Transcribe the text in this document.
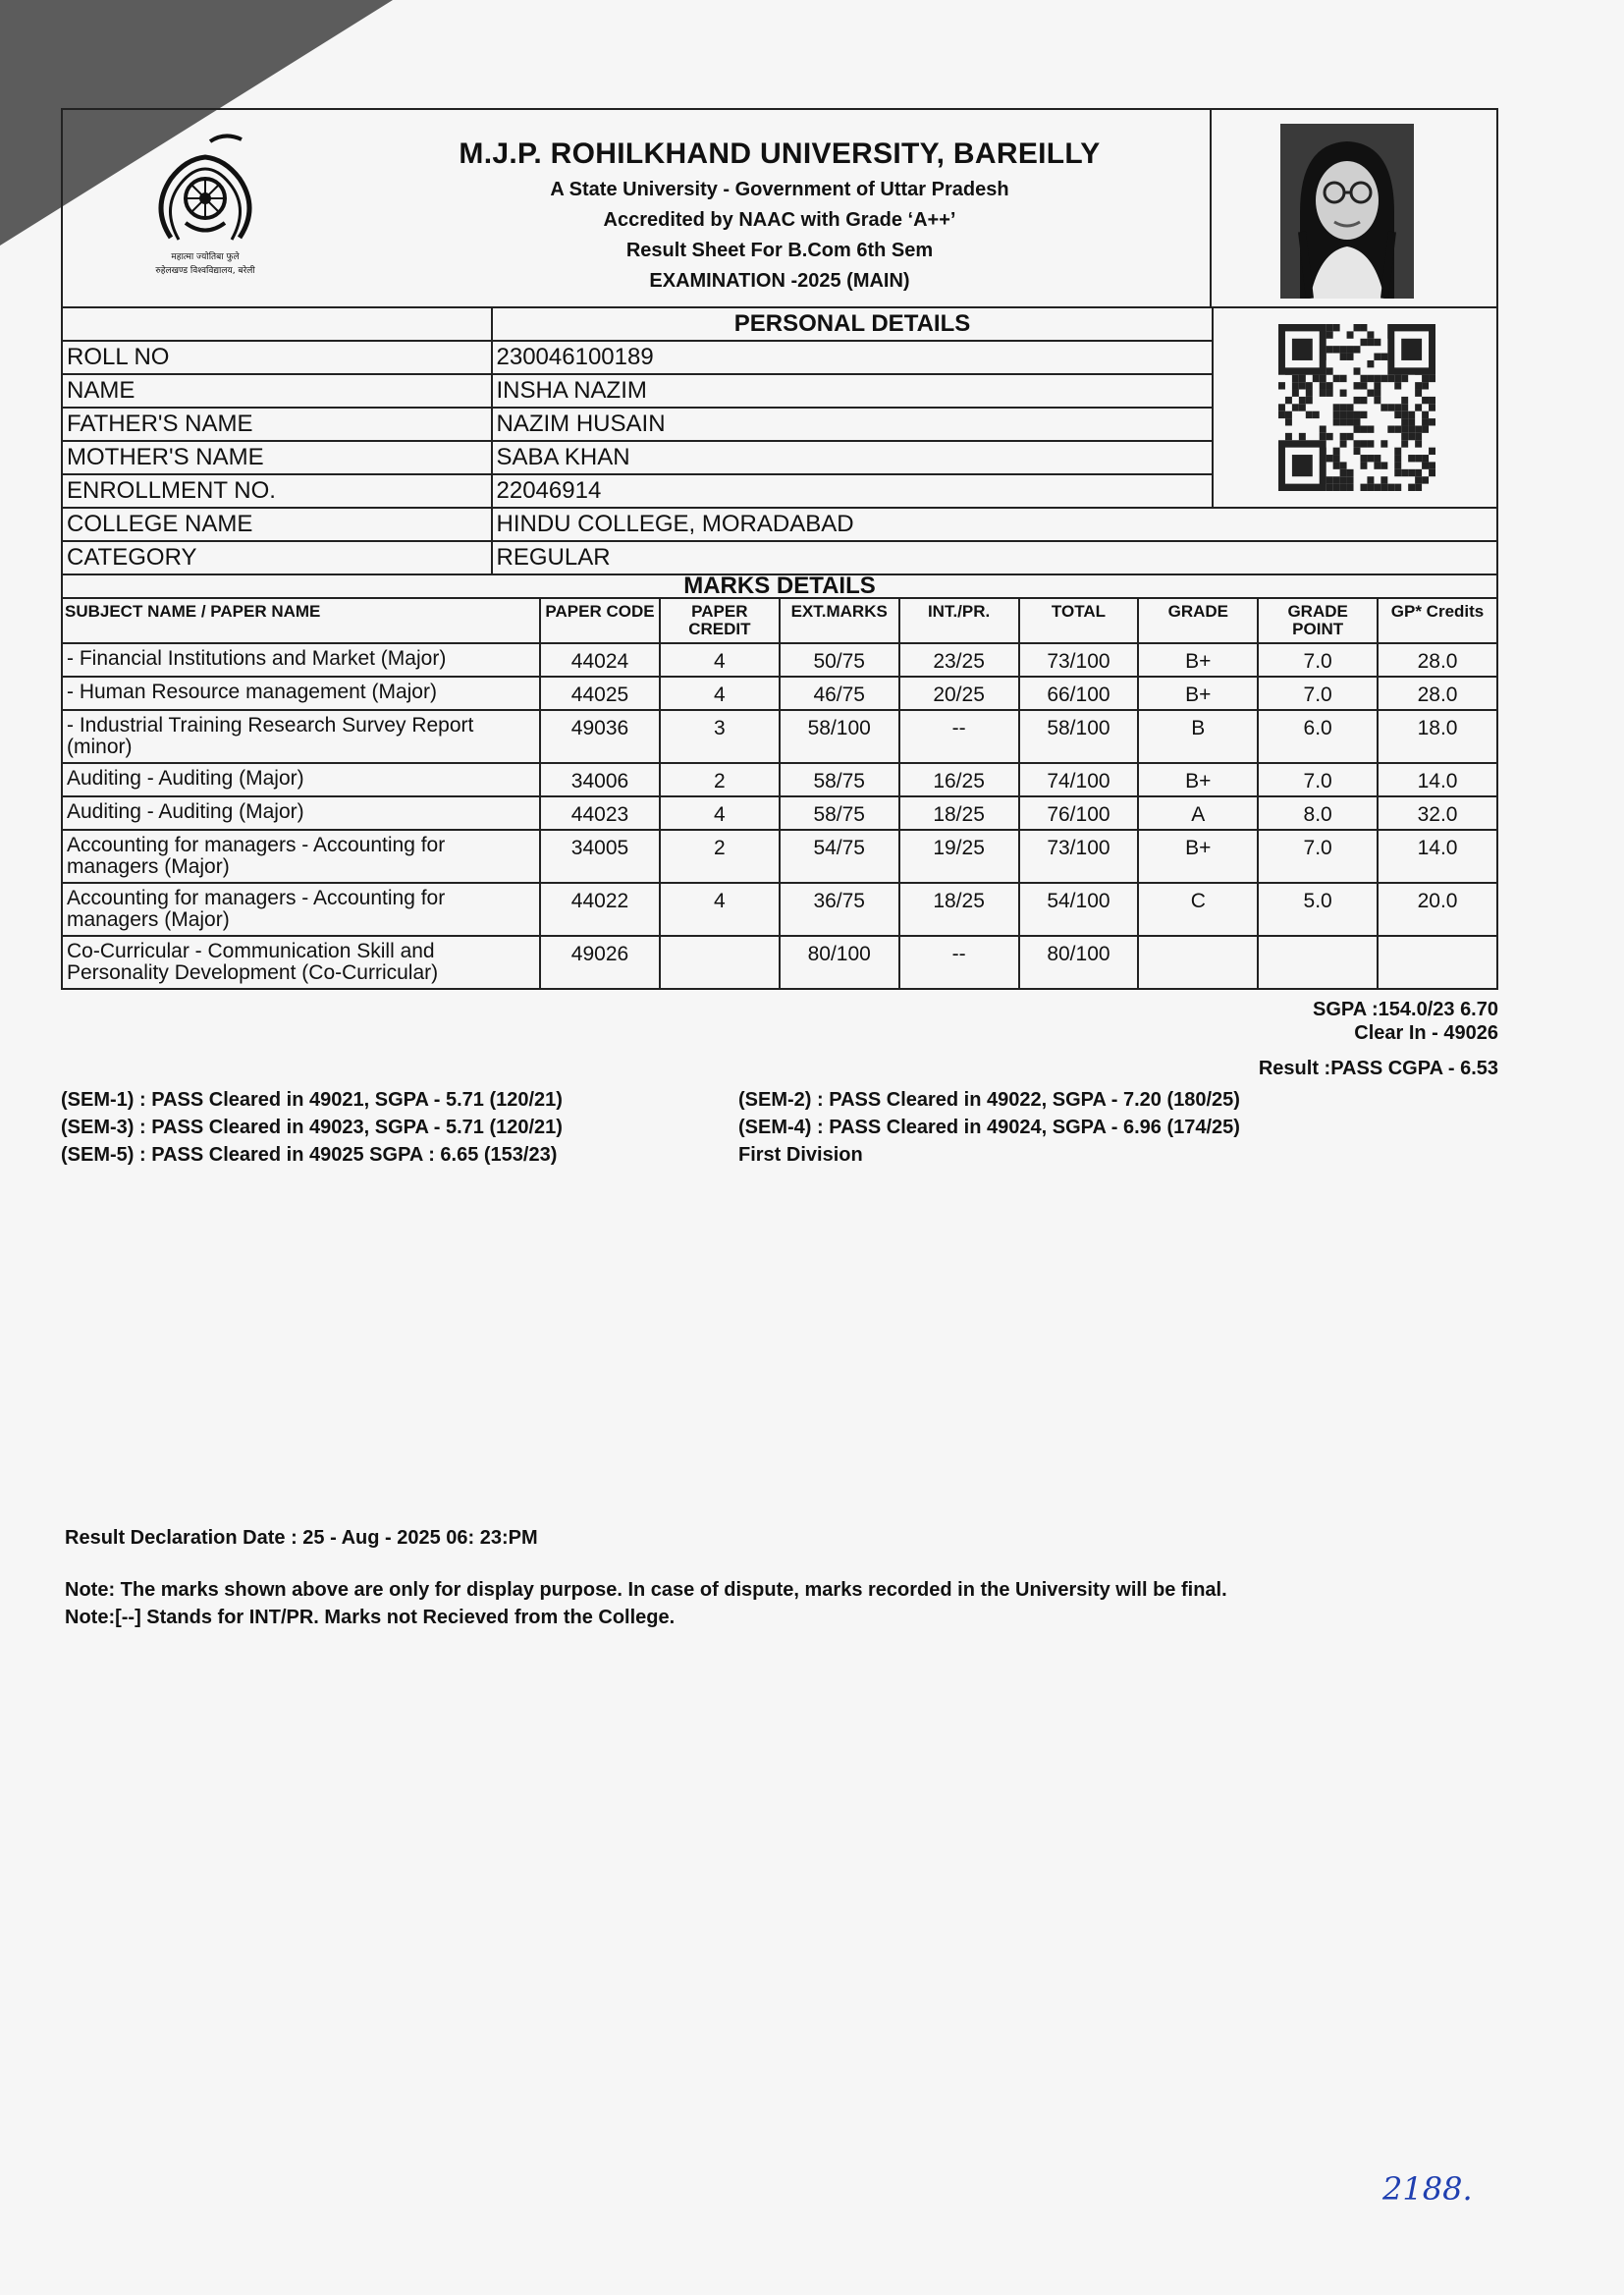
महात्मा ज्योतिबा फुले
रुहेलखण्ड विश्वविद्यालय, बरेली
M.J.P. ROHILKHAND UNIVERSITY, BAREILLY
A State University - Government of Uttar Pradesh
Accredited by NAAC with Grade ‘A++’
Result Sheet For B.Com 6th Sem
EXAMINATION -2025 (MAIN)
	PERSONAL DETAILS	
ROLL NO	230046100189	
NAME	INSHA NAZIM	
FATHER'S NAME	NAZIM HUSAIN	
MOTHER'S NAME	SABA KHAN	
ENROLLMENT NO.	22046914	
COLLEGE NAME	HINDU COLLEGE, MORADABAD	
CATEGORY	REGULAR	
MARKS DETAILS		
SUBJECT NAME / PAPER NAME	PAPER CODE	PAPER CREDIT	EXT.MARKS	INT./PR.	TOTAL	GRADE	GRADE POINT	GP* Credits
- Financial Institutions and Market (Major)	44024	4	50/75	23/25	73/100	B+	7.0	28.0
- Human Resource management (Major)	44025	4	46/75	20/25	66/100	B+	7.0	28.0
- Industrial Training Research Survey Report (minor)	49036	3	58/100	--	58/100	B	6.0	18.0
Auditing - Auditing (Major)	34006	2	58/75	16/25	74/100	B+	7.0	14.0
Auditing - Auditing (Major)	44023	4	58/75	18/25	76/100	A	8.0	32.0
Accounting for managers - Accounting for managers (Major)	34005	2	54/75	19/25	73/100	B+	7.0	14.0
Accounting for managers - Accounting for managers (Major)	44022	4	36/75	18/25	54/100	C	5.0	20.0
Co-Curricular - Communication Skill and Personality Development (Co-Curricular)	49026		80/100	--	80/100			
SGPA :154.0/23 6.70
Clear In - 49026
Result :PASS CGPA - 6.53
(SEM-1) : PASS Cleared in 49021, SGPA - 5.71 (120/21)
(SEM-3) : PASS Cleared in 49023, SGPA - 5.71 (120/21)
(SEM-5) : PASS Cleared in 49025 SGPA : 6.65 (153/23)
(SEM-2) : PASS Cleared in 49022, SGPA - 7.20 (180/25)
(SEM-4) : PASS Cleared in 49024, SGPA - 6.96 (174/25)
First Division
Result Declaration Date : 25 - Aug - 2025 06: 23:PM
Note: The marks shown above are only for display purpose. In case of dispute, marks recorded in the University will be final.
Note:[--] Stands for INT/PR. Marks not Recieved from the College.
2188.
